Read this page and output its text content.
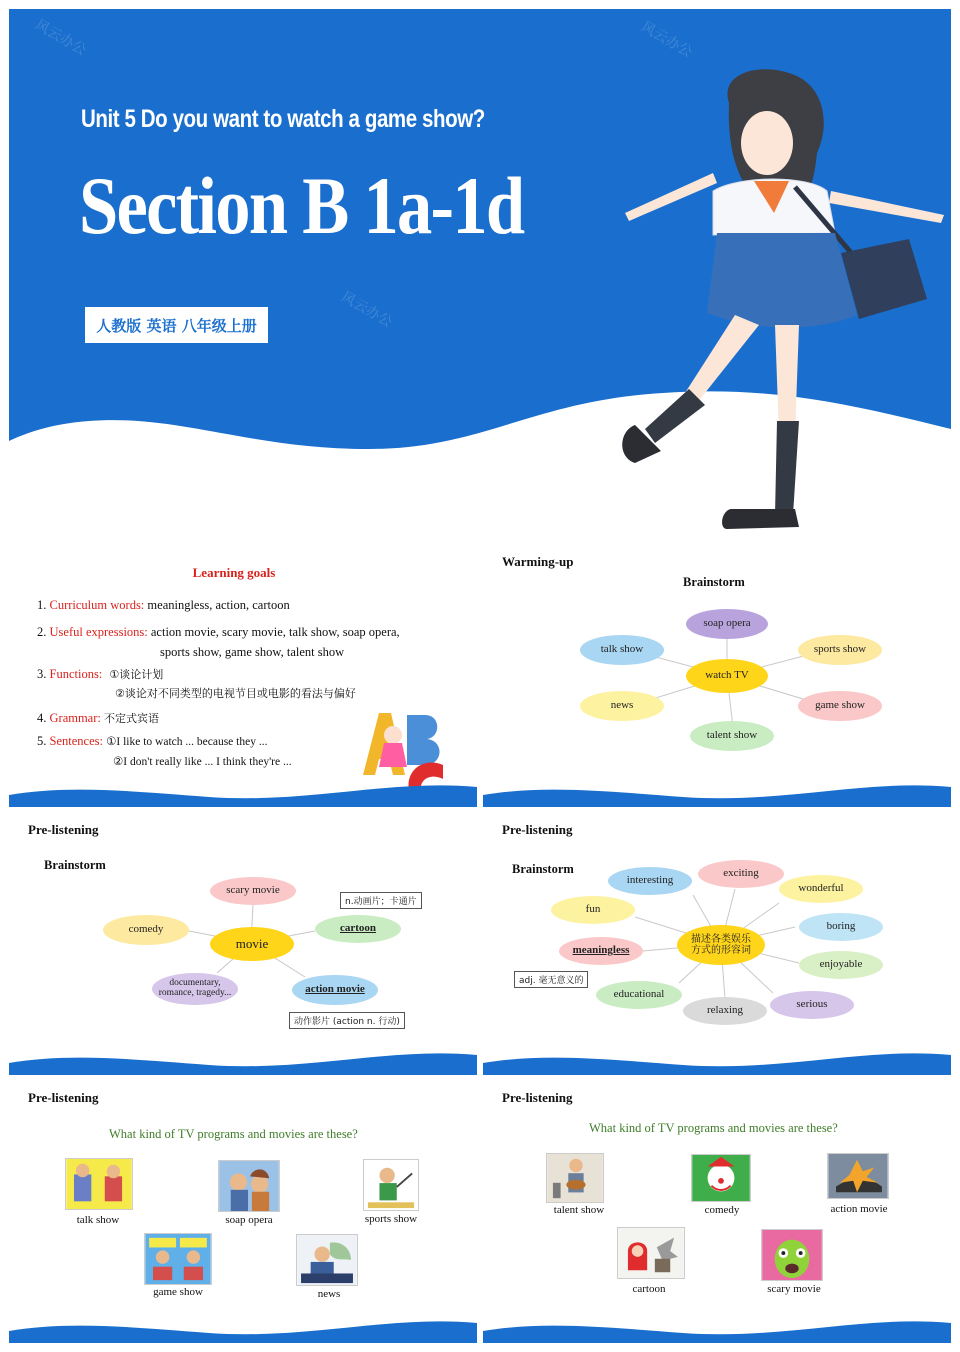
风云办公
风云办公
风云办公
Unit 5 Do you want to watch a game show?
Section B 1a-1d
人教版 英语 八年级上册
Learning goals
1. Curriculum words: meaningless, action, cartoon
2. Useful expressions: action movie, scary movie, talk show, soap opera,
sports show, game show, talent show
3. Functions: ①谈论计划
②谈论对不同类型的电视节目或电影的看法与偏好
4. Grammar: 不定式宾语
5. Sentences: ①I like to watch ... because they ...
②I don't really like ... I think they're ...
Warming-up
Brainstorm
watch TV
soap opera
talk show	sports show
news	game show
talent show
Pre-listening
Brainstorm
movie
scary movie
comedy	cartoon
documentary,
romance, tragedy...	action movie
n.动画片；卡通片
动作影片 (action n. 行动)
Pre-listening
Brainstorm
描述各类娱乐
方式的形容词
interesting
exciting
wonderful
fun
boring
meaningless
enjoyable
educational
relaxing	serious
adj. 毫无意义的
Pre-listening
What kind of TV programs and movies are these?
talk show	soap opera	sports show
game show	news
Pre-listening
What kind of TV programs and movies are these?
talent show	comedy	action movie
cartoon	scary movie
